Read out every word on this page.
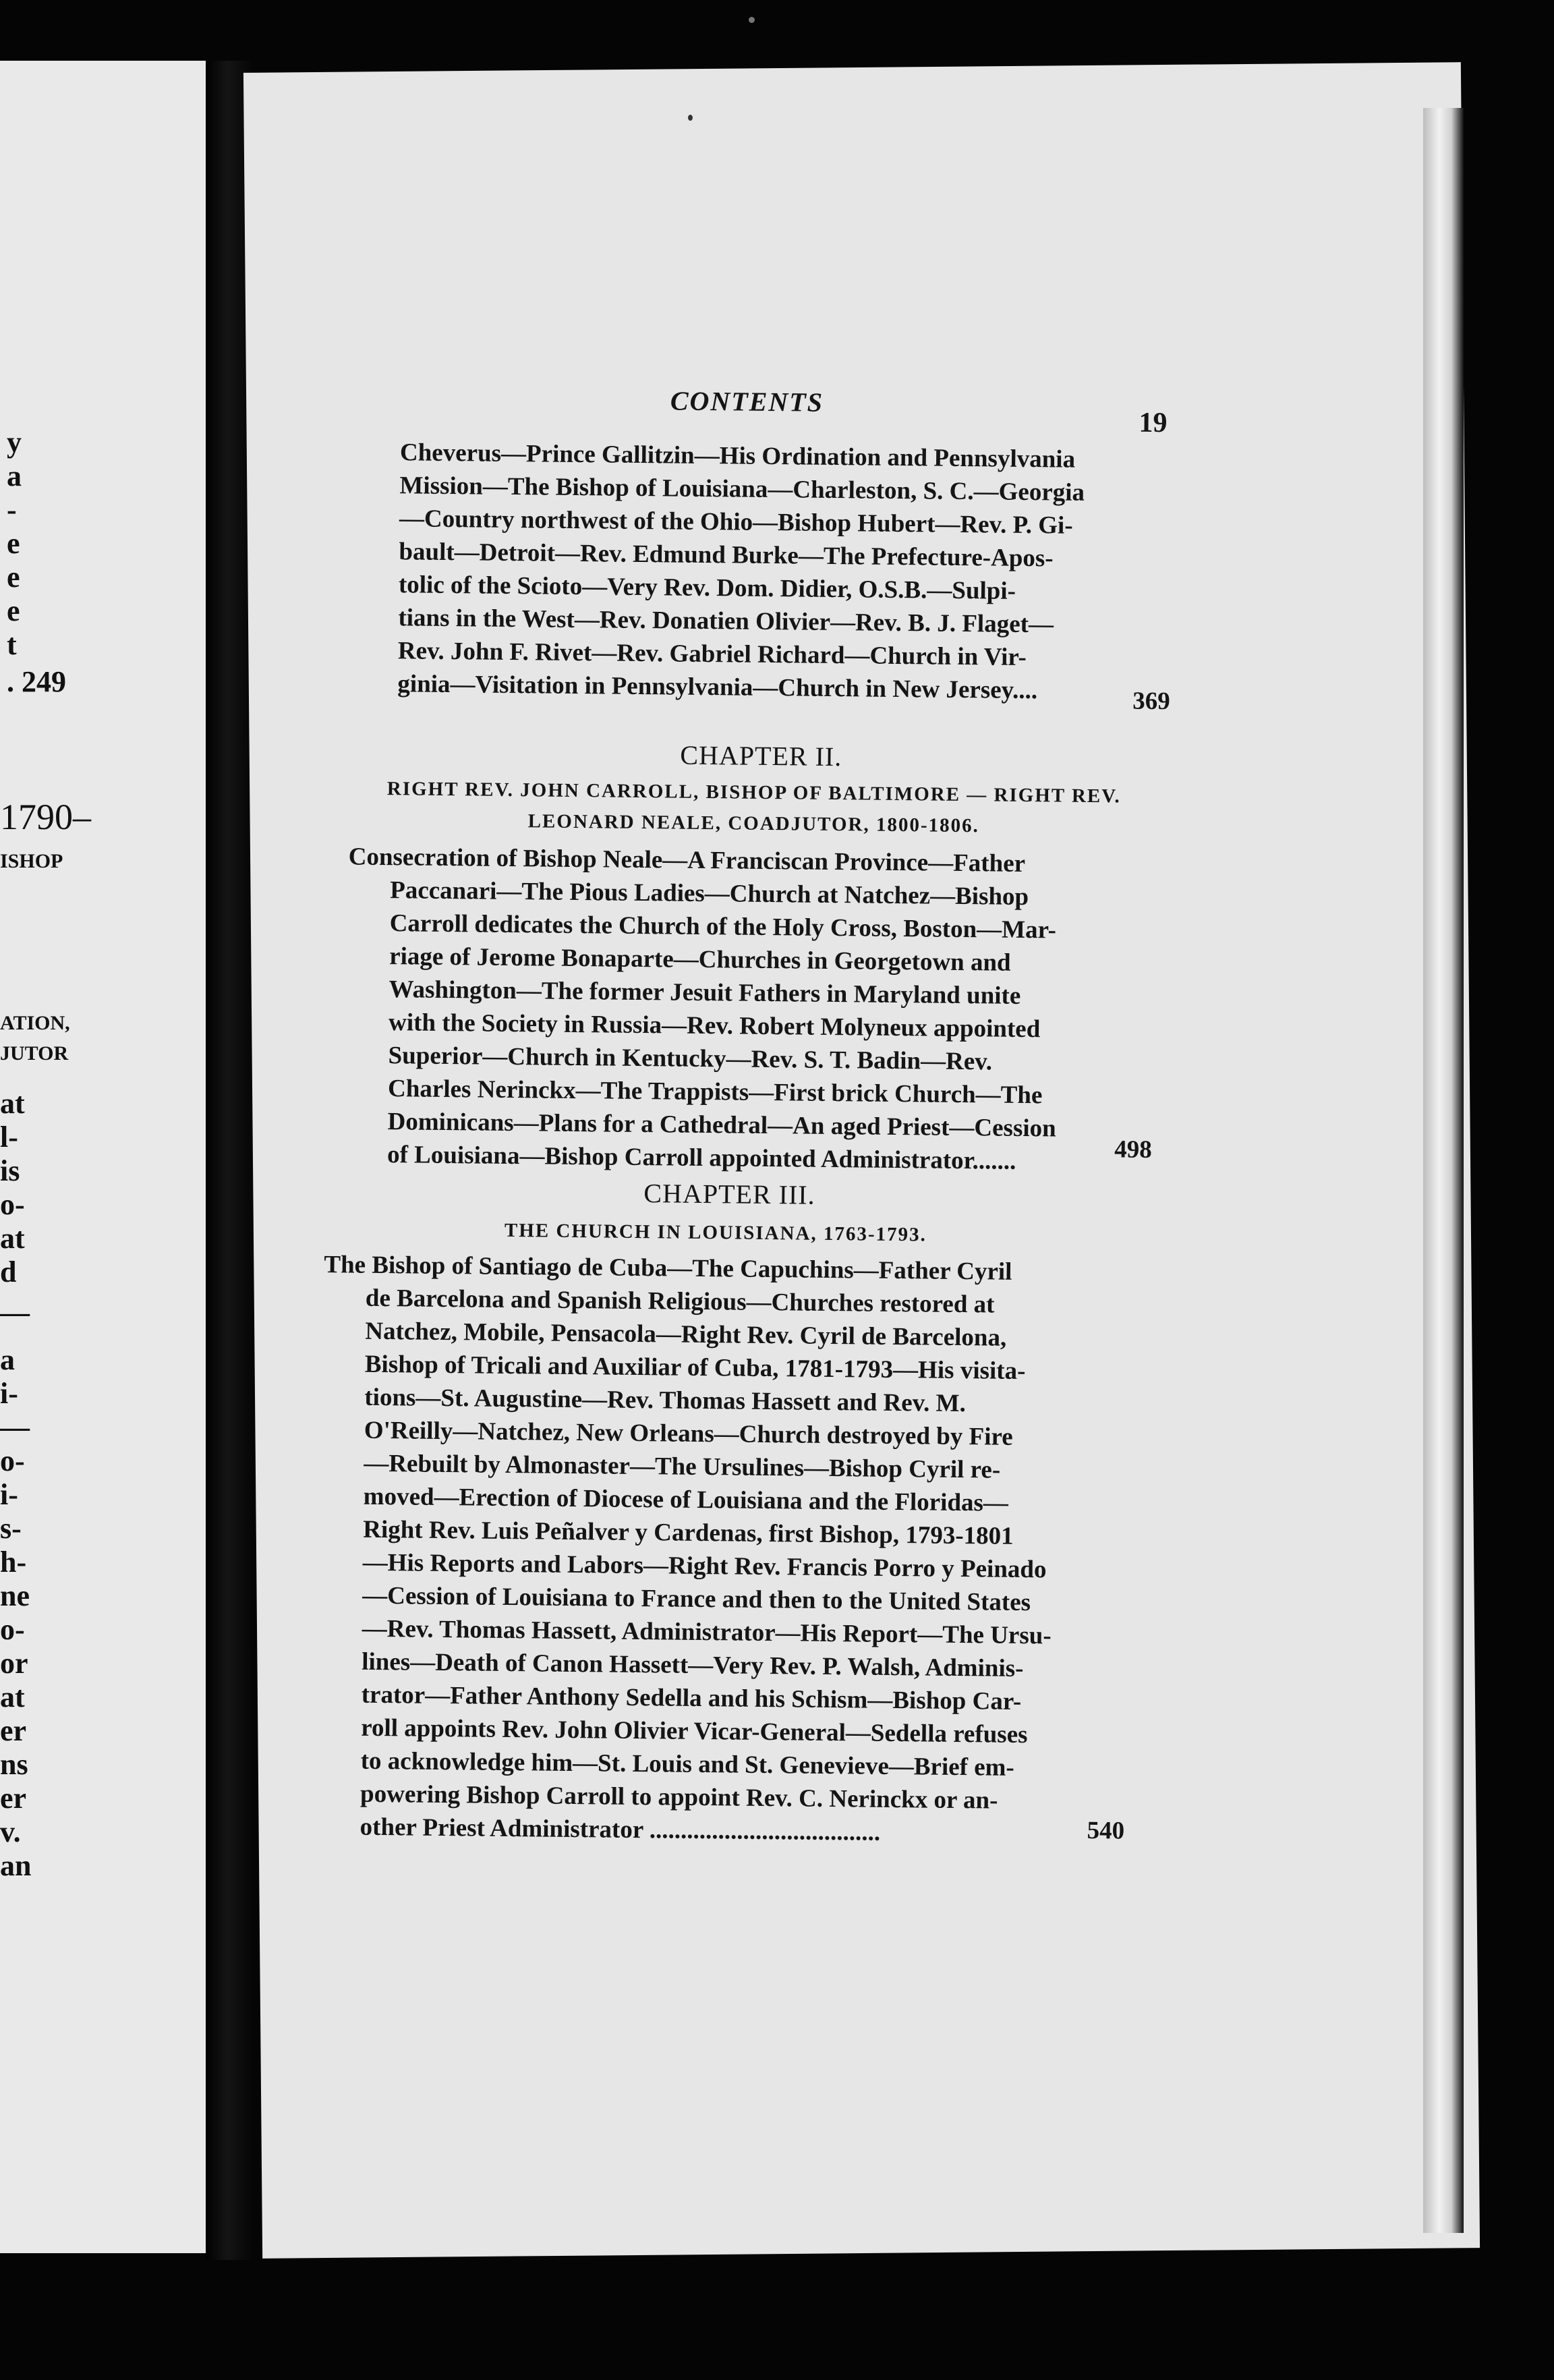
y
a
-
e
e
e
t
. 249
1790–
ISHOP
ATION,
JUTOR
at
l-
is
o-
at
d
—
a
i-
—
o-
i-
s-
h-
ne
o-
or
at
er
ns
er
v.
an
CONTENTS
19
Cheverus—Prince Gallitzin—His Ordination and Pennsylvania
Mission—The Bishop of Louisiana—Charleston, S. C.—Georgia
—Country northwest of the Ohio—Bishop Hubert—Rev. P. Gi-
bault—Detroit—Rev. Edmund Burke—The Prefecture-Apos-
tolic of the Scioto—Very Rev. Dom. Didier, O.S.B.—Sulpi-
tians in the West—Rev. Donatien Olivier—Rev. B. J. Flaget—
Rev. John F. Rivet—Rev. Gabriel Richard—Church in Vir-
ginia—Visitation in Pennsylvania—Church in New Jersey....	369
CHAPTER II.
RIGHT REV. JOHN CARROLL, BISHOP OF BALTIMORE — RIGHT REV.
LEONARD NEALE, COADJUTOR, 1800-1806.
Consecration of Bishop Neale—A Franciscan Province—Father
Paccanari—The Pious Ladies—Church at Natchez—Bishop
Carroll dedicates the Church of the Holy Cross, Boston—Mar-
riage of Jerome Bonaparte—Churches in Georgetown and
Washington—The former Jesuit Fathers in Maryland unite
with the Society in Russia—Rev. Robert Molyneux appointed
Superior—Church in Kentucky—Rev. S. T. Badin—Rev.
Charles Nerinckx—The Trappists—First brick Church—The
Dominicans—Plans for a Cathedral—An aged Priest—Cession
of Louisiana—Bishop Carroll appointed Administrator.......	498
CHAPTER III.
THE CHURCH IN LOUISIANA, 1763-1793.
The Bishop of Santiago de Cuba—The Capuchins—Father Cyril
de Barcelona and Spanish Religious—Churches restored at
Natchez, Mobile, Pensacola—Right Rev. Cyril de Barcelona,
Bishop of Tricali and Auxiliar of Cuba, 1781-1793—His visita-
tions—St. Augustine—Rev. Thomas Hassett and Rev. M.
O'Reilly—Natchez, New Orleans—Church destroyed by Fire
—Rebuilt by Almonaster—The Ursulines—Bishop Cyril re-
moved—Erection of Diocese of Louisiana and the Floridas—
Right Rev. Luis Peñalver y Cardenas, first Bishop, 1793-1801
—His Reports and Labors—Right Rev. Francis Porro y Peinado
—Cession of Louisiana to France and then to the United States
—Rev. Thomas Hassett, Administrator—His Report—The Ursu-
lines—Death of Canon Hassett—Very Rev. P. Walsh, Adminis-
trator—Father Anthony Sedella and his Schism—Bishop Car-
roll appoints Rev. John Olivier Vicar-General—Sedella refuses
to acknowledge him—St. Louis and St. Genevieve—Brief em-
powering Bishop Carroll to appoint Rev. C. Nerinckx or an-
other Priest Administrator .....................................	540
